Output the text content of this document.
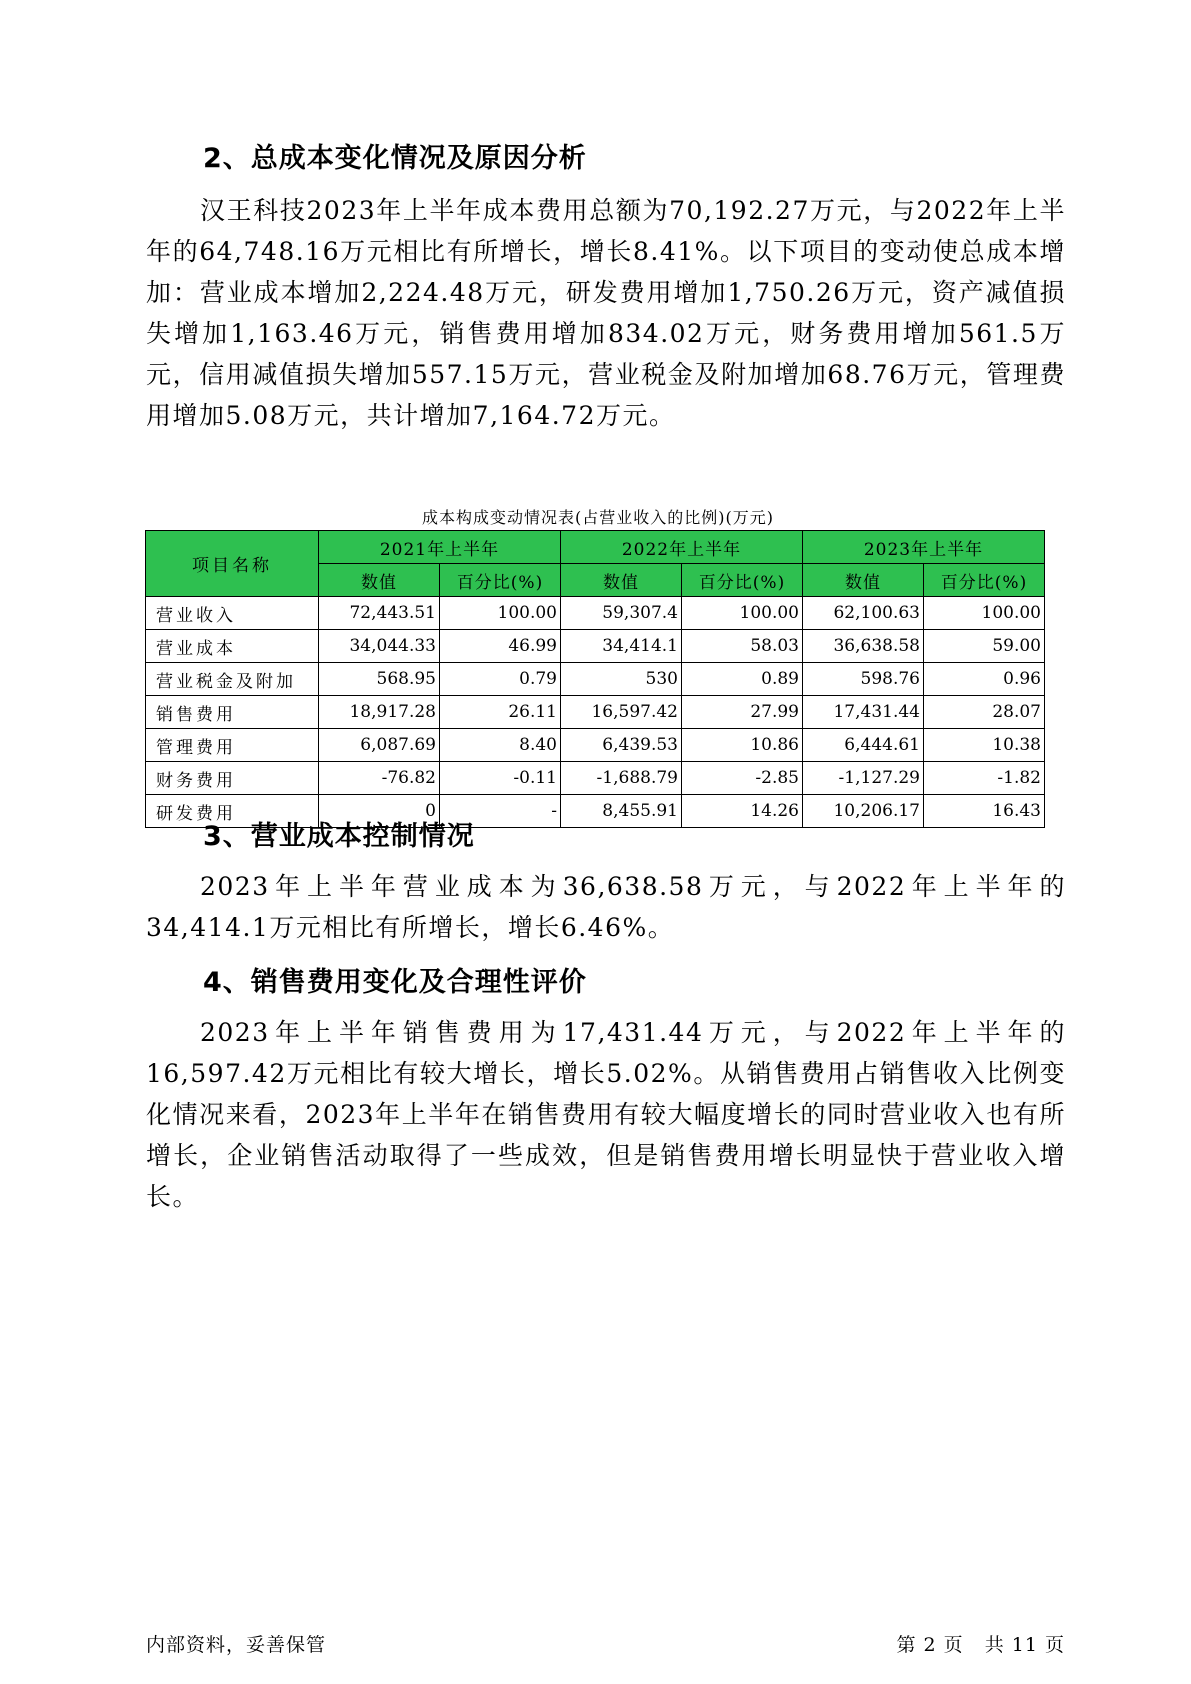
2、总成本变化情况及原因分析
汉王科技2023年上半年成本费用总额为70,192.27万元，与2022年上半年的64,748.16万元相比有所增长，增长8.41%。以下项目的变动使总成本增加：营业成本增加2,224.48万元，研发费用增加1,750.26万元，资产减值损失增加1,163.46万元，销售费用增加834.02万元，财务费用增加561.5万元，信用减值损失增加557.15万元，营业税金及附加增加68.76万元，管理费用增加5.08万元，共计增加7,164.72万元。
成本构成变动情况表(占营业收入的比例)(万元)
项目名称	2021年上半年		2022年上半年		2023年上半年	
	数值	百分比(%)	数值	百分比(%)	数值	百分比(%)
营业收入	72,443.51	100.00	59,307.4	100.00	62,100.63	100.00
营业成本	34,044.33	46.99	34,414.1	58.03	36,638.58	59.00
营业税金及附加	568.95	0.79	530	0.89	598.76	0.96
销售费用	18,917.28	26.11	16,597.42	27.99	17,431.44	28.07
管理费用	6,087.69	8.40	6,439.53	10.86	6,444.61	10.38
财务费用	-76.82	-0.11	-1,688.79	-2.85	-1,127.29	-1.82
研发费用	0	-	8,455.91	14.26	10,206.17	16.43
3、营业成本控制情况
2023年上半年营业成本为36,638.58万元，与2022年上半年的34,414.1万元相比有所增长，增长6.46%。
4、销售费用变化及合理性评价
2023年上半年销售费用为17,431.44万元，与2022年上半年的16,597.42万元相比有较大增长，增长5.02%。从销售费用占销售收入比例变化情况来看，2023年上半年在销售费用有较大幅度增长的同时营业收入也有所增长，企业销售活动取得了一些成效，但是销售费用增长明显快于营业收入增长。
内部资料，妥善保管	第 2 页   共 11 页
